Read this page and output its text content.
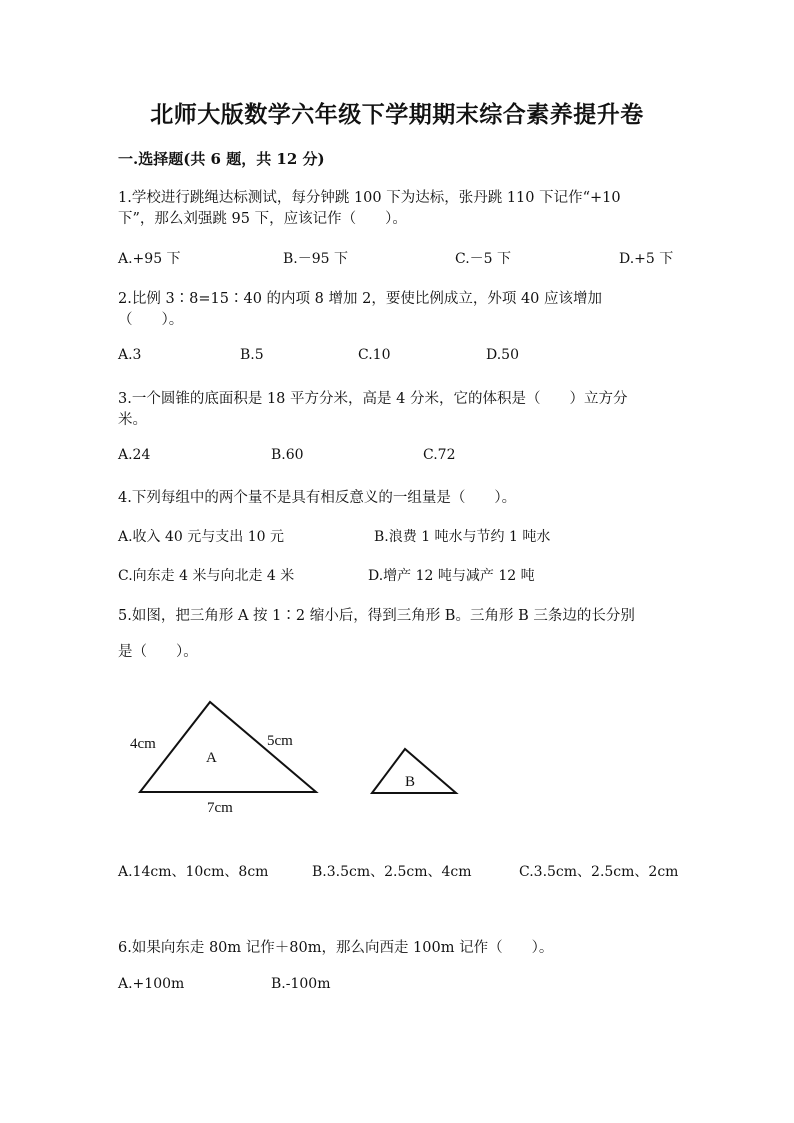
北师大版数学六年级下学期期末综合素养提升卷
一.选择题(共 6 题，共 12 分)
1.学校进行跳绳达标测试，每分钟跳 100 下为达标，张丹跳 110 下记作“+10
下”，那么刘强跳 95 下，应该记作（　　）。
A.+95 下	B.－95 下	C.－5 下	D.+5 下
2.比例 3∶8=15∶40 的内项 8 增加 2，要使比例成立，外项 40 应该增加
（　　）。
A.3	B.5	C.10	D.50
3.一个圆锥的底面积是 18 平方分米，高是 4 分米，它的体积是（　　）立方分
米。
A.24	B.60	C.72
4.下列每组中的两个量不是具有相反意义的一组量是（　　）。
A.收入 40 元与支出 10 元	B.浪费 1 吨水与节约 1 吨水
C.向东走 4 米与向北走 4 米	D.增产 12 吨与减产 12 吨
5.如图，把三角形 A 按 1∶2 缩小后，得到三角形 B。三角形 B 三条边的长分别
是（　　）。
4cm	5cm
A
7cm
B
A.14cm、10cm、8cm	B.3.5cm、2.5cm、4cm	C.3.5cm、2.5cm、2cm
6.如果向东走 80m 记作＋80m，那么向西走 100m 记作（　　）。
A.+100m	B.-100m
